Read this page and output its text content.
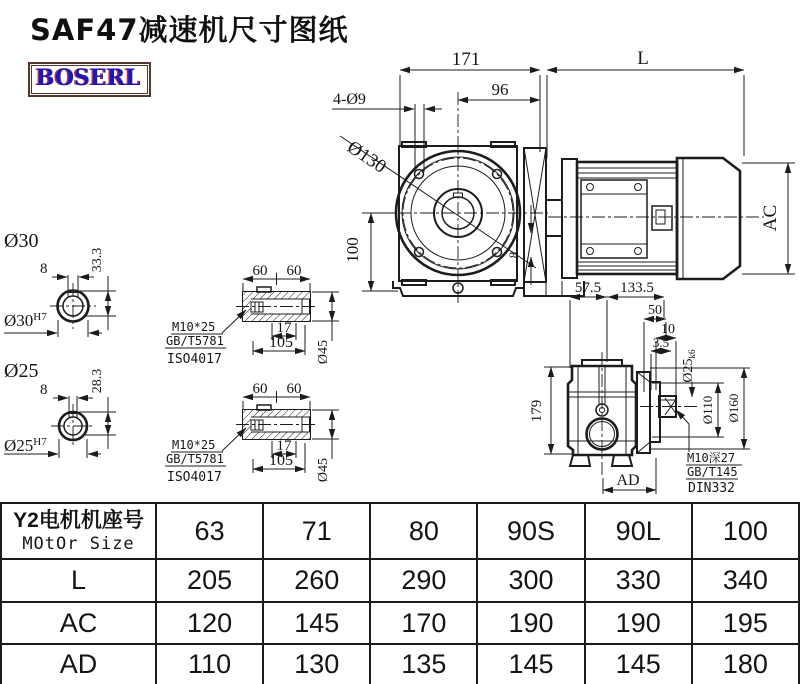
SAF47减速机尺寸图纸
BOSERL
171	L
96
4-Ø9
Ø130
100	8
AC
Ø30
8	33.3
$Ø30^{H7}$
Ø25
8	28.3
$Ø25^{H7}$
57.5 133.5
50
10
3.5
$Ø25_{k6}$
179	Ø110 Ø160
AD
M10深27
GB/T145
DIN332
Y2电机机座号
MOtOr Size	63	71	80	90S	90L	100
L	205	260	290	300	330	340
AC	120	145	170	190	190	195
AD	110	130	135	145	145	180
